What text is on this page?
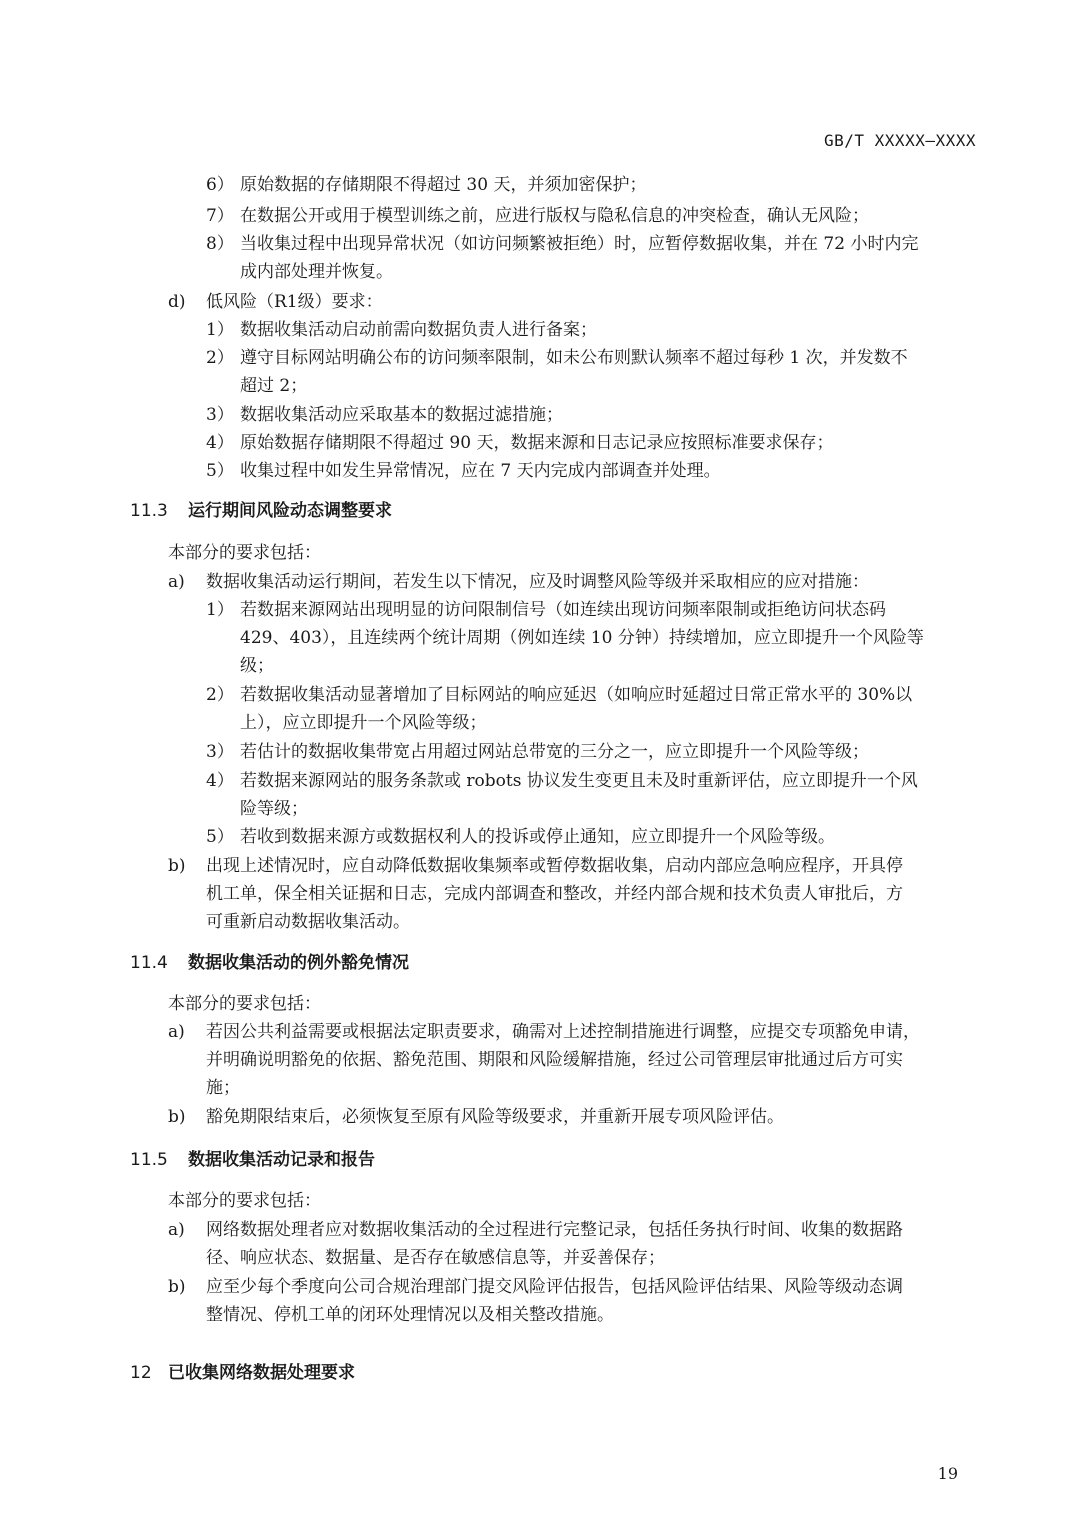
GB/T XXXXX—XXXX
6） 原始数据的存储期限不得超过 30 天，并须加密保护；
7） 在数据公开或用于模型训练之前，应进行版权与隐私信息的冲突检查，确认无风险；
8） 当收集过程中出现异常状况（如访问频繁被拒绝）时，应暂停数据收集，并在 72 小时内完
成内部处理并恢复。
d) 低风险（R1级）要求：
1） 数据收集活动启动前需向数据负责人进行备案；
2） 遵守目标网站明确公布的访问频率限制，如未公布则默认频率不超过每秒 1 次，并发数不
超过 2；
3） 数据收集活动应采取基本的数据过滤措施；
4） 原始数据存储期限不得超过 90 天，数据来源和日志记录应按照标准要求保存；
5） 收集过程中如发生异常情况，应在 7 天内完成内部调查并处理。
11.3 运行期间风险动态调整要求
本部分的要求包括：
a) 数据收集活动运行期间，若发生以下情况，应及时调整风险等级并采取相应的应对措施：
1） 若数据来源网站出现明显的访问限制信号（如连续出现访问频率限制或拒绝访问状态码
429、403），且连续两个统计周期（例如连续 10 分钟）持续增加，应立即提升一个风险等
级；
2） 若数据收集活动显著增加了目标网站的响应延迟（如响应时延超过日常正常水平的 30%以
上），应立即提升一个风险等级；
3） 若估计的数据收集带宽占用超过网站总带宽的三分之一，应立即提升一个风险等级；
4） 若数据来源网站的服务条款或 robots 协议发生变更且未及时重新评估，应立即提升一个风
险等级；
5） 若收到数据来源方或数据权利人的投诉或停止通知，应立即提升一个风险等级。
b) 出现上述情况时，应自动降低数据收集频率或暂停数据收集，启动内部应急响应程序，开具停
机工单，保全相关证据和日志，完成内部调查和整改，并经内部合规和技术负责人审批后，方
可重新启动数据收集活动。
11.4 数据收集活动的例外豁免情况
本部分的要求包括：
a) 若因公共利益需要或根据法定职责要求，确需对上述控制措施进行调整，应提交专项豁免申请，
并明确说明豁免的依据、豁免范围、期限和风险缓解措施，经过公司管理层审批通过后方可实
施；
b) 豁免期限结束后，必须恢复至原有风险等级要求，并重新开展专项风险评估。
11.5 数据收集活动记录和报告
本部分的要求包括：
a) 网络数据处理者应对数据收集活动的全过程进行完整记录，包括任务执行时间、收集的数据路
径、响应状态、数据量、是否存在敏感信息等，并妥善保存；
b) 应至少每个季度向公司合规治理部门提交风险评估报告，包括风险评估结果、风险等级动态调
整情况、停机工单的闭环处理情况以及相关整改措施。
12 已收集网络数据处理要求
19
